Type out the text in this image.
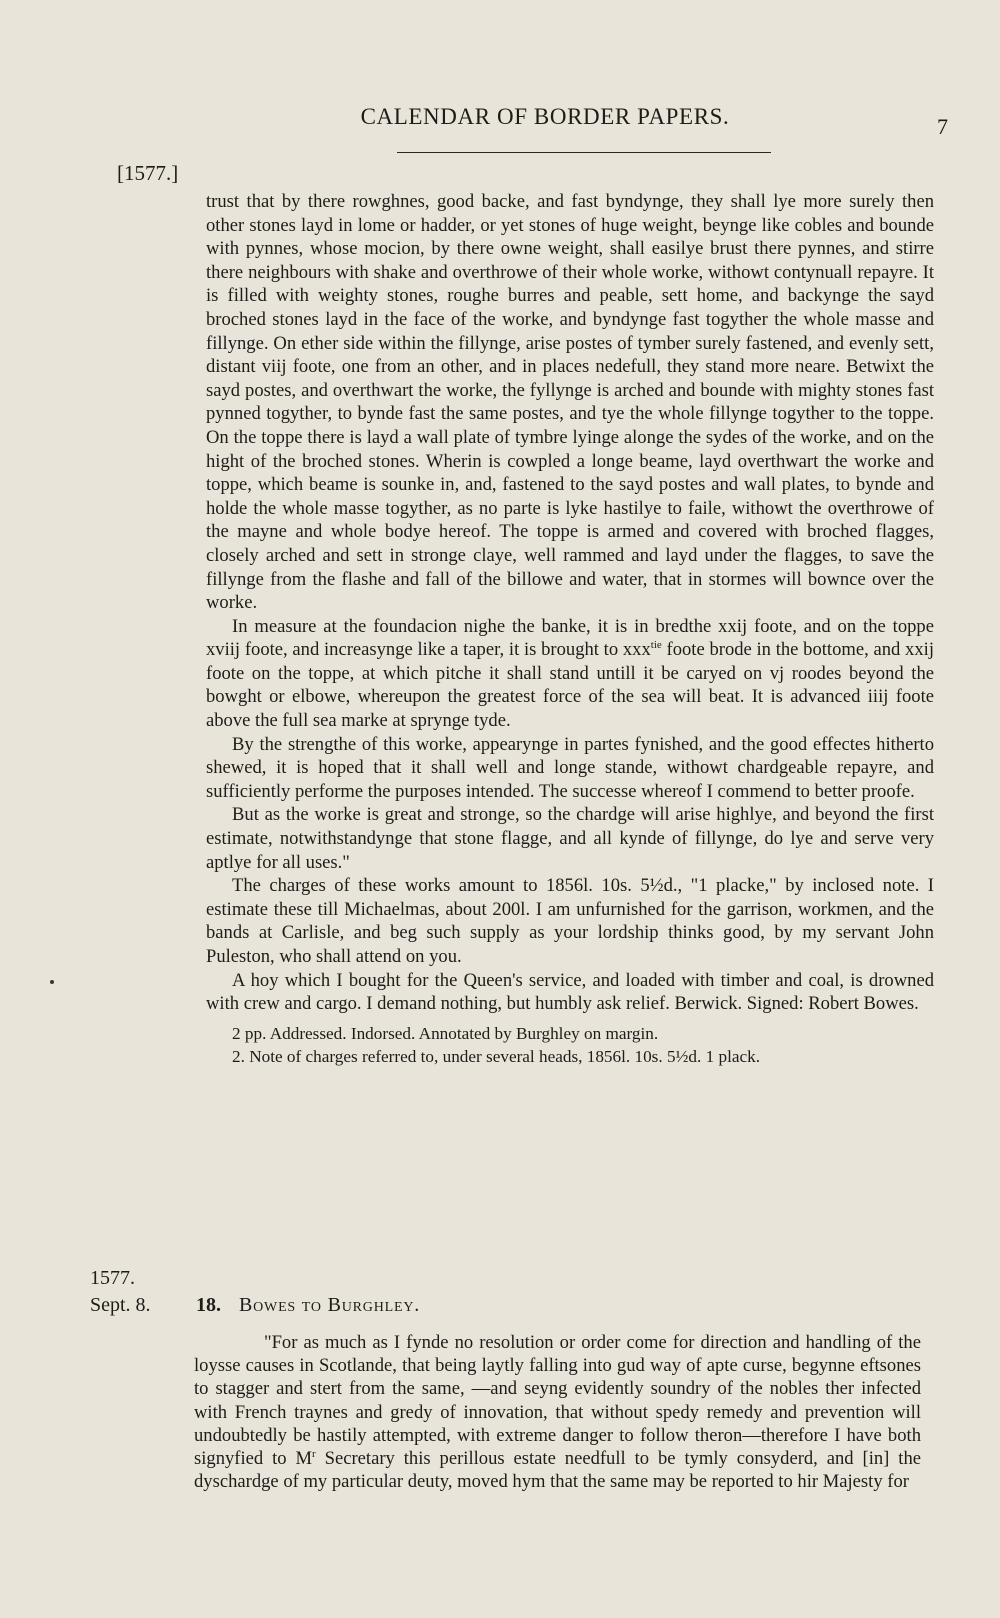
CALENDAR OF BORDER PAPERS.	7
[1577.]

trust that by there rowghnes, good backe, and fast byndynge, they shall lye more surely then other stones layd in lome or hadder, or yet stones of huge weight, beynge like cobles and bounde with pynnes, whose mocion, by there owne weight, shall easilye brust there pynnes, and stirre there neighbours with shake and overthrowe of their whole worke, withowt contynuall repayre. It is filled with weighty stones, roughe burres and peable, sett home, and backynge the sayd broched stones layd in the face of the worke, and byndynge fast togyther the whole masse and fillynge. On ether side within the fillynge, arise postes of tymber surely fastened, and evenly sett, distant viij foote, one from an other, and in places nedefull, they stand more neare. Betwixt the sayd postes, and overthwart the worke, the fyllynge is arched and bounde with mighty stones fast pynned togyther, to bynde fast the same postes, and tye the whole fillynge togyther to the toppe. On the toppe there is layd a wall plate of tymbre lyinge alonge the sydes of the worke, and on the hight of the broched stones. Wherin is cowpled a longe beame, layd overthwart the worke and toppe, which beame is sounke in, and, fastened to the sayd postes and wall plates, to bynde and holde the whole masse togyther, as no parte is lyke hastilye to faile, withowt the overthrowe of the mayne and whole bodye hereof. The toppe is armed and covered with broched flagges, closely arched and sett in stronge claye, well rammed and layd under the flagges, to save the fillynge from the flashe and fall of the billowe and water, that in stormes will bownce over the worke.

In measure at the foundacion nighe the banke, it is in bredthe xxij foote, and on the toppe xviij foote, and increasynge like a taper, it is brought to xxx$^{tie}$ foote brode in the bottome, and xxij foote on the toppe, at which pitche it shall stand untill it be caryed on vj roodes beyond the bowght or elbowe, whereupon the greatest force of the sea will beat. It is advanced iiij foote above the full sea marke at sprynge tyde.

By the strengthe of this worke, appearynge in partes fynished, and the good effectes hitherto shewed, it is hoped that it shall well and longe stande, withowt chardgeable repayre, and sufficiently performe the purposes intended. The successe whereof I commend to better proofe.

But as the worke is great and stronge, so the chardge will arise highlye, and beyond the first estimate, notwithstandynge that stone flagge, and all kynde of fillynge, do lye and serve very aptlye for all uses."

The charges of these works amount to 1856l. 10s. 5½d., "1 placke," by inclosed note. I estimate these till Michaelmas, about 200l. I am unfurnished for the garrison, workmen, and the bands at Carlisle, and beg such supply as your lordship thinks good, by my servant John Puleston, who shall attend on you.

A hoy which I bought for the Queen's service, and loaded with timber and coal, is drowned with crew and cargo. I demand nothing, but humbly ask relief. Berwick. Signed: Robert Bowes.

2 pp. Addressed. Indorsed. Annotated by Burghley on margin.

2. Note of charges referred to, under several heads, 1856l. 10s. 5½d. 1 plack.

1577.
Sept. 8. 18. Bowes to Burghley.

"For as much as I fynde no resolution or order come for direction and handling of the loysse causes in Scotlande, that being laytly falling into gud way of apte curse, begynne eftsones to stagger and stert from the same, —and seyng evidently soundry of the nobles ther infected with French traynes and gredy of innovation, that without spedy remedy and prevention will undoubtedly be hastily attempted, with extreme danger to follow theron—therefore I have both signyfied to $M^r$ Secretary this perillous estate needfull to be tymly consyderd, and [in] the dyschardge of my particular deuty, moved hym that the same may be reported to hir Majesty for
